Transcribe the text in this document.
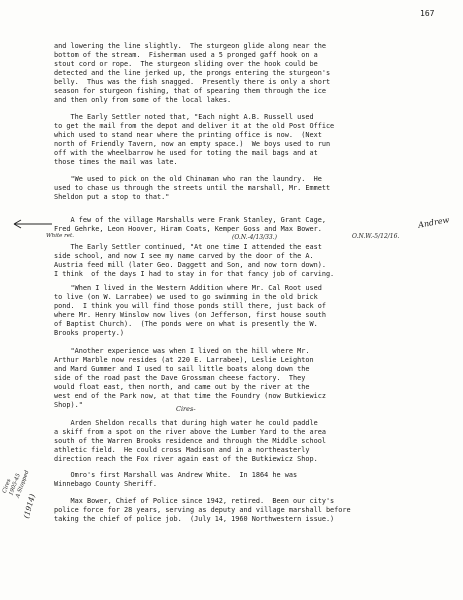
167
and lowering the line slightly.  The sturgeon glide along near the
bottom of the stream.  Fisherman used a 5 pronged gaff hook on a
stout cord or rope.  The sturgeon sliding over the hook could be
detected and the line jerked up, the prongs entering the sturgeon's
belly.  Thus was the fish snagged.  Presently there is only a short
season for sturgeon fishing, that of spearing them through the ice
and then only from some of the local lakes.
The Early Settler noted that, "Each night A.B. Russell used
to get the mail from the depot and deliver it at the old Post Office
which used to stand near where the printing office is now.  (Next
north of Friendly Tavern, now an empty space.)  We boys used to run
off with the wheelbarrow he used for toting the mail bags and at
those times the mail was late.
"We used to pick on the old Chinaman who ran the laundry.  He
used to chase us through the streets until the marshall, Mr. Emmett
Sheldon put a stop to that."
A few of the village Marshalls were Frank Stanley, Grant Cage,
Fred Gehrke, Leon Hoover, Hiram Coats, Kemper Goss and Max Bower.
The Early Settler continued, "At one time I attended the east
side school, and now I see my name carved by the door of the A.
Austria feed mill (later Geo. Daggett and Son, and now torn down).
I think  of the days I had to stay in for that fancy job of carving.
"When I lived in the Western Addition where Mr. Cal Root used
to live (on W. Larrabee) we used to go swimming in the old brick
pond.  I think you will find those ponds still there, just back of
where Mr. Henry Winslow now lives (on Jefferson, first house south
of Baptist Church).  (The ponds were on what is presently the W.
Brooks property.)
"Another experience was when I lived on the hill where Mr.
Arthur Marble now resides (at 220 E. Larrabee), Leslie Leighton
and Mard Gummer and I used to sail little boats along down the
side of the road past the Dave Grossman cheese factory.  They
would float east, then north, and came out by the river at the
west end of the Park now, at that time the Foundry (now Butkiewicz
Shop)."
Arden Sheldon recalls that during high water he could paddle
a skiff from a spot on the river above the Lumber Yard to the area
south of the Warren Brooks residence and through the Middle school
athletic field.  He could cross Madison and in a northeasterly
direction reach the Fox river again east of the Butkiewicz Shop.
Omro's first Marshall was Andrew White.  In 1864 he was
Winnebago County Sheriff.
Max Bower, Chief of Police since 1942, retired.  Been our city's
police force for 28 years, serving as deputy and village marshall before
taking the chief of police job.  (July 14, 1960 Northwestern issue.)
Andrew
White ret.	(O.N.-4/13/33.)	O.N.W.-5/12/16.
Cires-
Cires
1905-45
A Stopped
(1914)
